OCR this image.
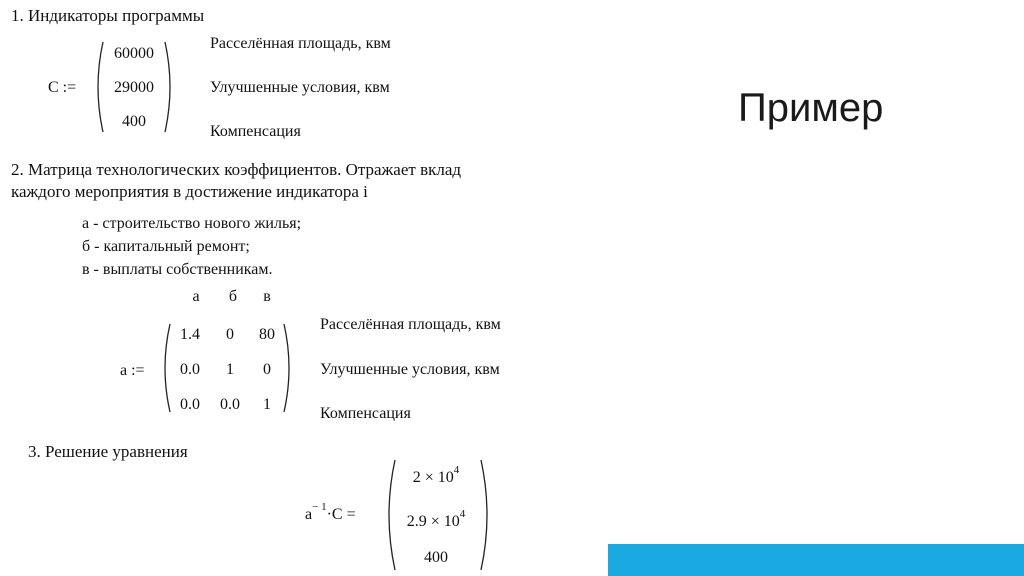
Пример
1. Индикаторы программы
C :=
60000
29000
400
Расселённая площадь, квм
Улучшенные условия, квм
Компенсация
2. Матрица технологических коэффициентов. Отражает вклад
каждого мероприятия в достижение индикатора i
а - строительство нового жилья;
б - капитальный ремонт;
в - выплаты собственникам.
а	б	в
a :=
1.4	0	80
0.0	1	0
0.0	0.0	1
Расселённая площадь, квм
Улучшенные условия, квм
Компенсация
3. Решение уравнения
$a^{- 1}\cdot C$ =
$2 \times 10^4$
$2.9 \times 10^4$
400
